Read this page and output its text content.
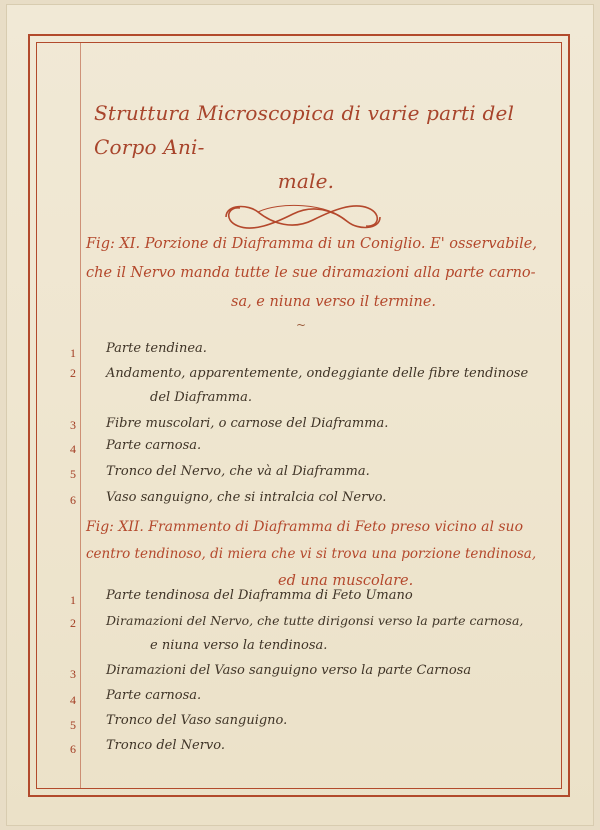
Struttura Microscopica di varie parti del Corpo Ani-
male.
Fig: XI. Porzione di Diaframma di un Coniglio. E' osservabile,
che il Nervo manda tutte le sue diramazioni alla parte carno-
sa, e niuna verso il termine.
~
1	Parte tendinea.
2	Andamento, apparentemente, ondeggiante delle fibre tendinose
del Diaframma.
3	Fibre muscolari, o carnose del Diaframma.
4	Parte carnosa.
5	Tronco del Nervo, che và al Diaframma.
6	Vaso sanguigno, che si intralcia col Nervo.
Fig: XII. Frammento di Diaframma di Feto preso vicino al suo
centro tendinoso, di miera che vi si trova una porzione tendinosa,
ed una muscolare.
1	Parte tendinosa del Diaframma di Feto Umano
2	Diramazioni del Nervo, che tutte dirigonsi verso la parte carnosa,
e niuna verso la tendinosa.
3	Diramazioni del Vaso sanguigno verso la parte Carnosa
4	Parte carnosa.
5	Tronco del Vaso sanguigno.
6	Tronco del Nervo.
